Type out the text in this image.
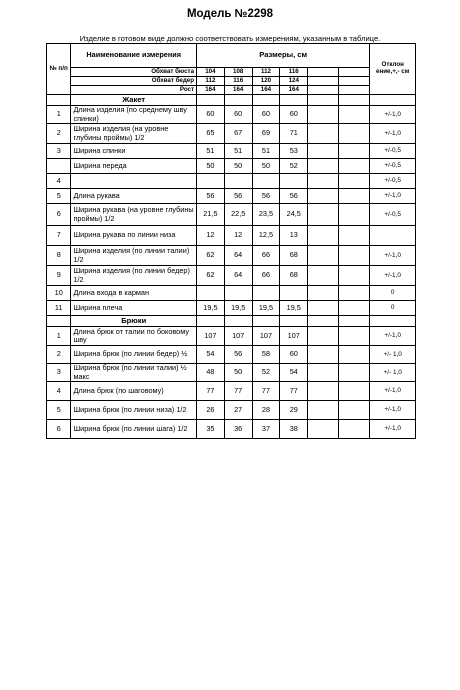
Модель №2298
Изделие в готовом виде должно соответствовать измерениям, указанным в таблице.
№ п/п	Наименование измерения	Размеры, см						Отклон ение,+,- см
	Обхват бюста	104	108	112	116			
	Обхват бедер	112	116	120	124			
	Рост	164	164	164	164			
	Жакет							
1	Длина изделия (по среднему шву спинки)	60	60	60	60			+/-1,0
2	Ширина изделия (на уровне глубины проймы) 1/2	65	67	69	71			+/-1,0
3	Ширина спинки	51	51	51	53			+/-0,5
	Ширина переда	50	50	50	52			+/-0,5
4								+/-0,5
5	Длина рукава	56	56	56	56			+/-1,0
6	Ширина рукава (на уровне глубины проймы) 1/2	21,5	22,5	23,5	24,5			+/-0,5
7	Ширина рукава по линии низа	12	12	12,5	13			
8	Ширина изделия (по линии талии) 1/2	62	64	66	68			+/-1,0
9	Ширина изделия (по линии бедер) 1/2	62	64	66	68			+/-1,0
10	Длина входа в карман							0
11	Ширина плеча	19,5	19,5	19,5	19,5			0
	Брюки							
1	Длина брюк от талии по боковому шву	107	107	107	107			+/-1,0
2	Ширина брюк (по линии бедер) ½	54	56	58	60			+/- 1,0
3	Ширина брюк (по линии талии) ½ макс	48	50	52	54			+/- 1,0
4	Длина брюк (по шаговому)	77	77	77	77			+/-1,0
5	Ширина брюк (по линии низа) 1/2	26	27	28	29			+/-1,0
6	Ширина брюк (по линии шага) 1/2	35	36	37	38			+/-1,0
